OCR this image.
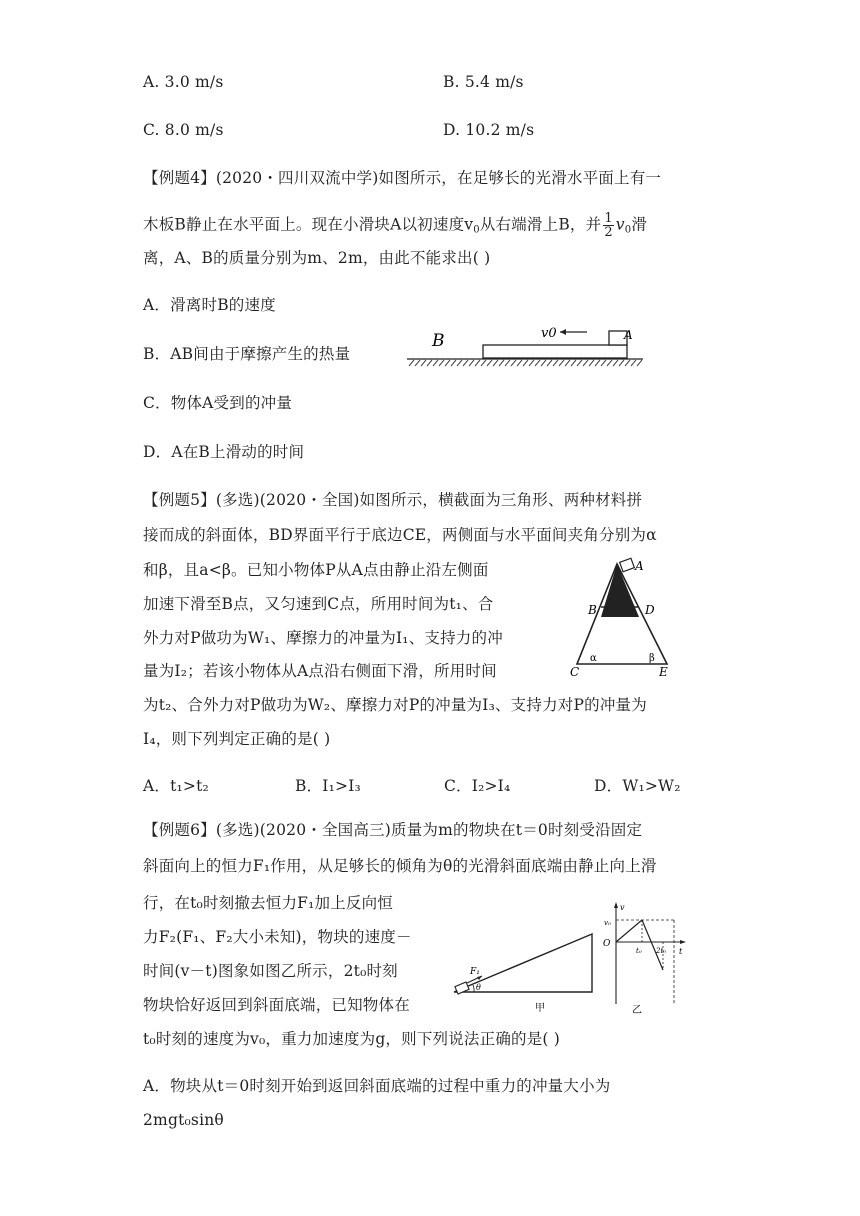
A. 3.0 m/s	B. 5.4 m/s
C. 8.0 m/s	D. 10.2 m/s
【例题4】(2020・四川双流中学)如图所示，在足够长的光滑水平面上有一
木板B静止在水平面上。现在小滑块A以初速度$v_0$从右端滑上B，并 $\frac{1}{2} v_0$滑
离，A、B的质量分别为m、2m，由此不能求出( )
A．滑离时B的速度
B．AB间由于摩擦产生的热量
C．物体A受到的冲量
D．A在B上滑动的时间
B	v0	A
【例题5】(多选)(2020・全国)如图所示，横截面为三角形、两种材料拼
接而成的斜面体，BD界面平行于底边CE，两侧面与水平面间夹角分别为α
和β，且a<β。已知小物体P从A点由静止沿左侧面
加速下滑至B点，又匀速到C点，所用时间为t₁、合
外力对P做功为W₁、摩擦力的冲量为I₁、支持力的冲
量为I₂；若该小物体从A点沿右侧面下滑，所用时间
为t₂、合外力对P做功为W₂、摩擦力对P的冲量为I₃、支持力对P的冲量为
I₄，则下列判定正确的是( )
A．t₁>t₂	B．I₁>I₃	C．I₂>I₄	D．W₁>W₂
A
B	D
C	E
α	β
【例题6】(多选)(2020・全国高三)质量为m的物块在t＝0时刻受沿固定
斜面向上的恒力F₁作用，从足够长的倾角为θ的光滑斜面底端由静止向上滑
行，在t₀时刻撤去恒力F₁加上反向恒
力F₂(F₁、F₂大小未知)，物块的速度－
时间(v－t)图象如图乙所示，2t₀时刻
物块恰好返回到斜面底端，已知物体在
t₀时刻的速度为v₀，重力加速度为g，则下列说法正确的是( )
A．物块从t＝0时刻开始到返回斜面底端的过程中重力的冲量大小为
2mgt₀sinθ
F₁
θ
甲
v
v₀
O
t₀ 2t₀ t
乙
